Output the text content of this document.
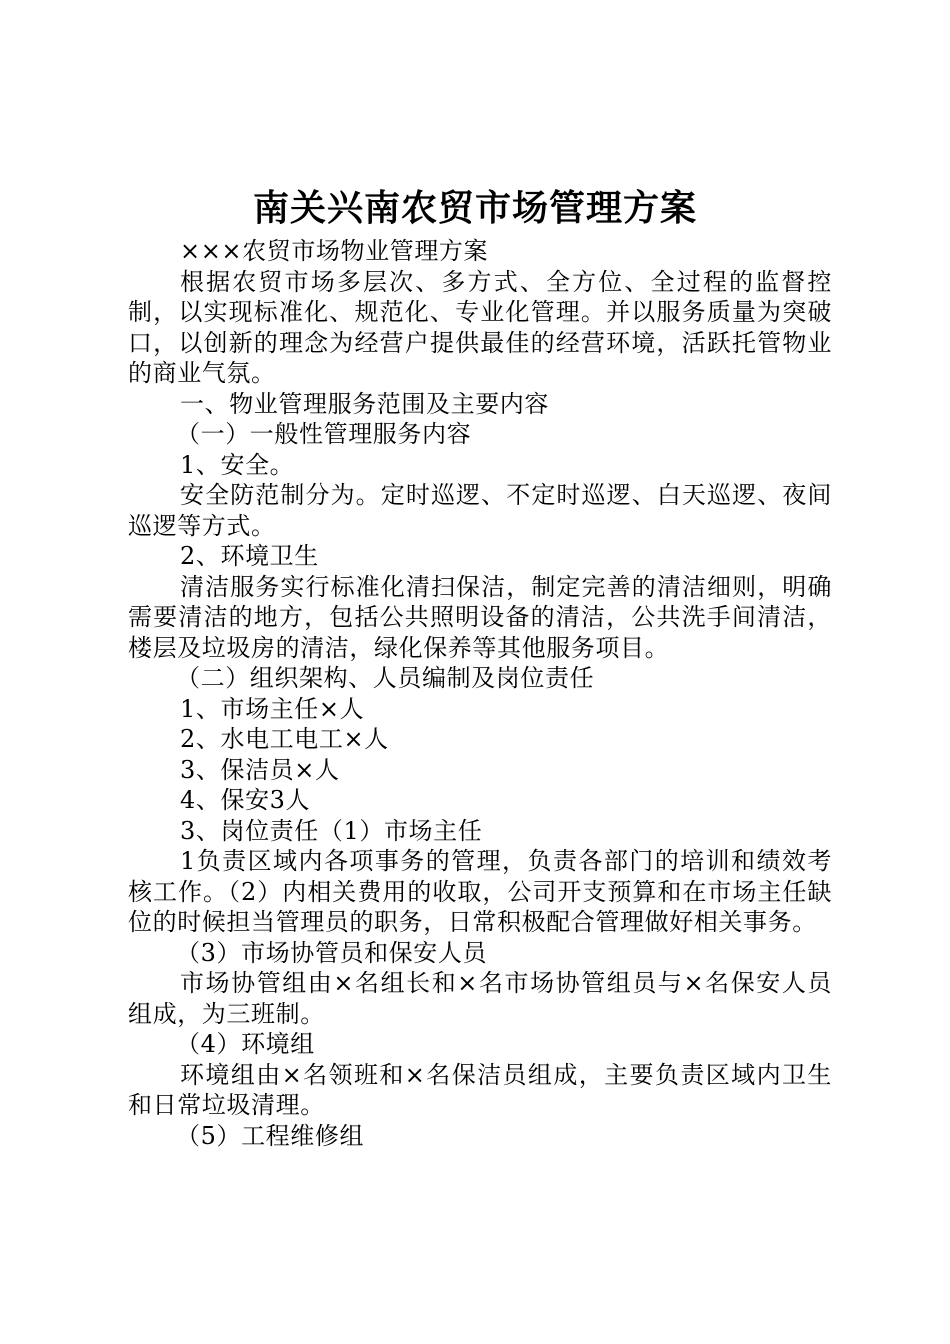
南关兴南农贸市场管理方案

×××农贸市场物业管理方案

根据农贸市场多层次、多方式、全方位、全过程的监督控制，以实现标准化、规范化、专业化管理。并以服务质量为突破口，以创新的理念为经营户提供最佳的经营环境，活跃托管物业的商业气氛。

一、物业管理服务范围及主要内容

（一）一般性管理服务内容

1、安全。

安全防范制分为。定时巡逻、不定时巡逻、白天巡逻、夜间巡逻等方式。

2、环境卫生

清洁服务实行标准化清扫保洁，制定完善的清洁细则，明确需要清洁的地方，包括公共照明设备的清洁，公共洗手间清洁，楼层及垃圾房的清洁，绿化保养等其他服务项目。

（二）组织架构、人员编制及岗位责任

1、市场主任×人

2、水电工电工×人

3、保洁员×人

4、保安3人

3、岗位责任（1）市场主任

1负责区域内各项事务的管理，负责各部门的培训和绩效考核工作。（2）内相关费用的收取，公司开支预算和在市场主任缺位的时候担当管理员的职务，日常积极配合管理做好相关事务。

（3）市场协管员和保安人员

市场协管组由×名组长和×名市场协管组员与×名保安人员组成，为三班制。

（4）环境组

环境组由×名领班和×名保洁员组成，主要负责区域内卫生和日常垃圾清理。

（5）工程维修组
